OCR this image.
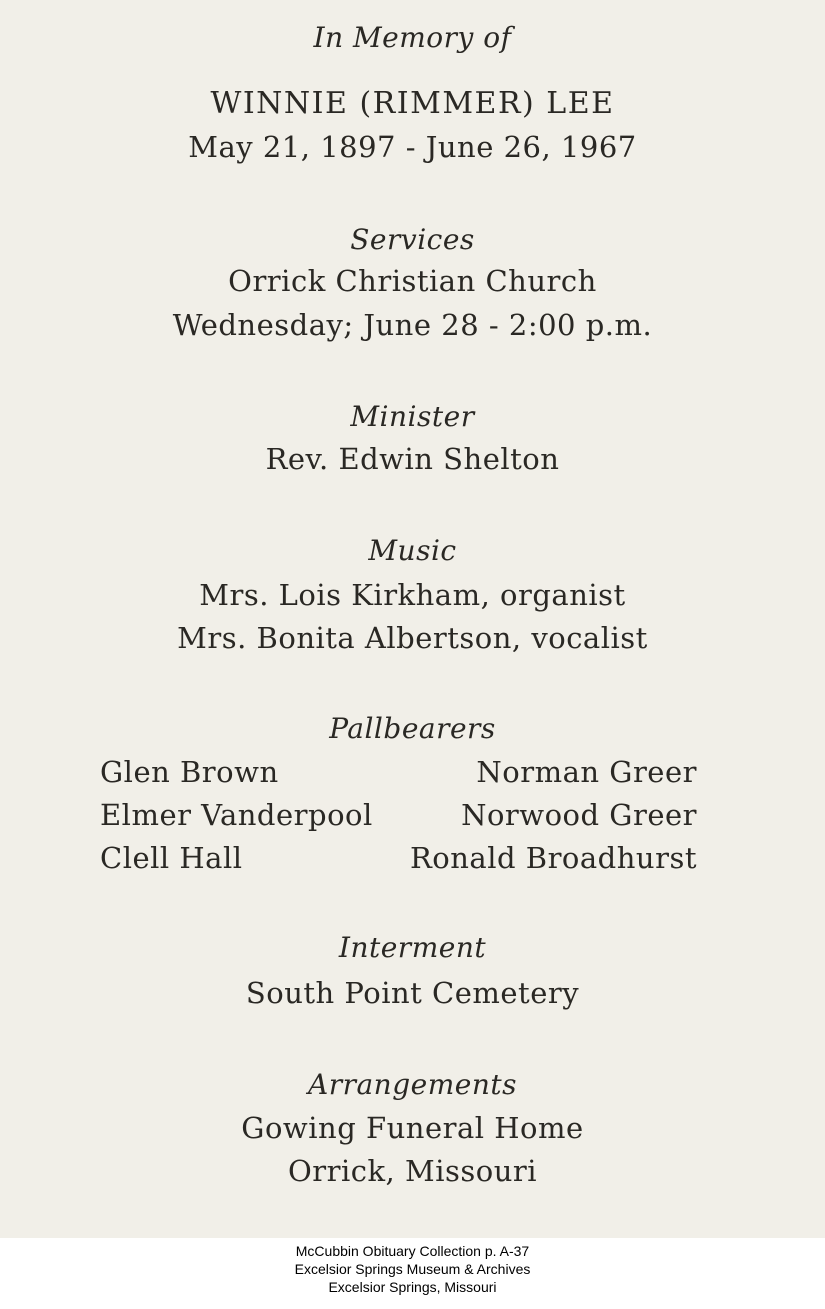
In Memory of
WINNIE (RIMMER) LEE
May 21, 1897 - June 26, 1967
Services
Orrick Christian Church
Wednesday; June 28 - 2:00 p.m.
Minister
Rev. Edwin Shelton
Music
Mrs. Lois Kirkham, organist
Mrs. Bonita Albertson, vocalist
Pallbearers
Glen Brown
Elmer Vanderpool
Clell Hall
Norman Greer
Norwood Greer
Ronald Broadhurst
Interment
South Point Cemetery
Arrangements
Gowing Funeral Home
Orrick, Missouri
McCubbin Obituary Collection p. A-37
Excelsior Springs Museum & Archives
Excelsior Springs, Missouri
